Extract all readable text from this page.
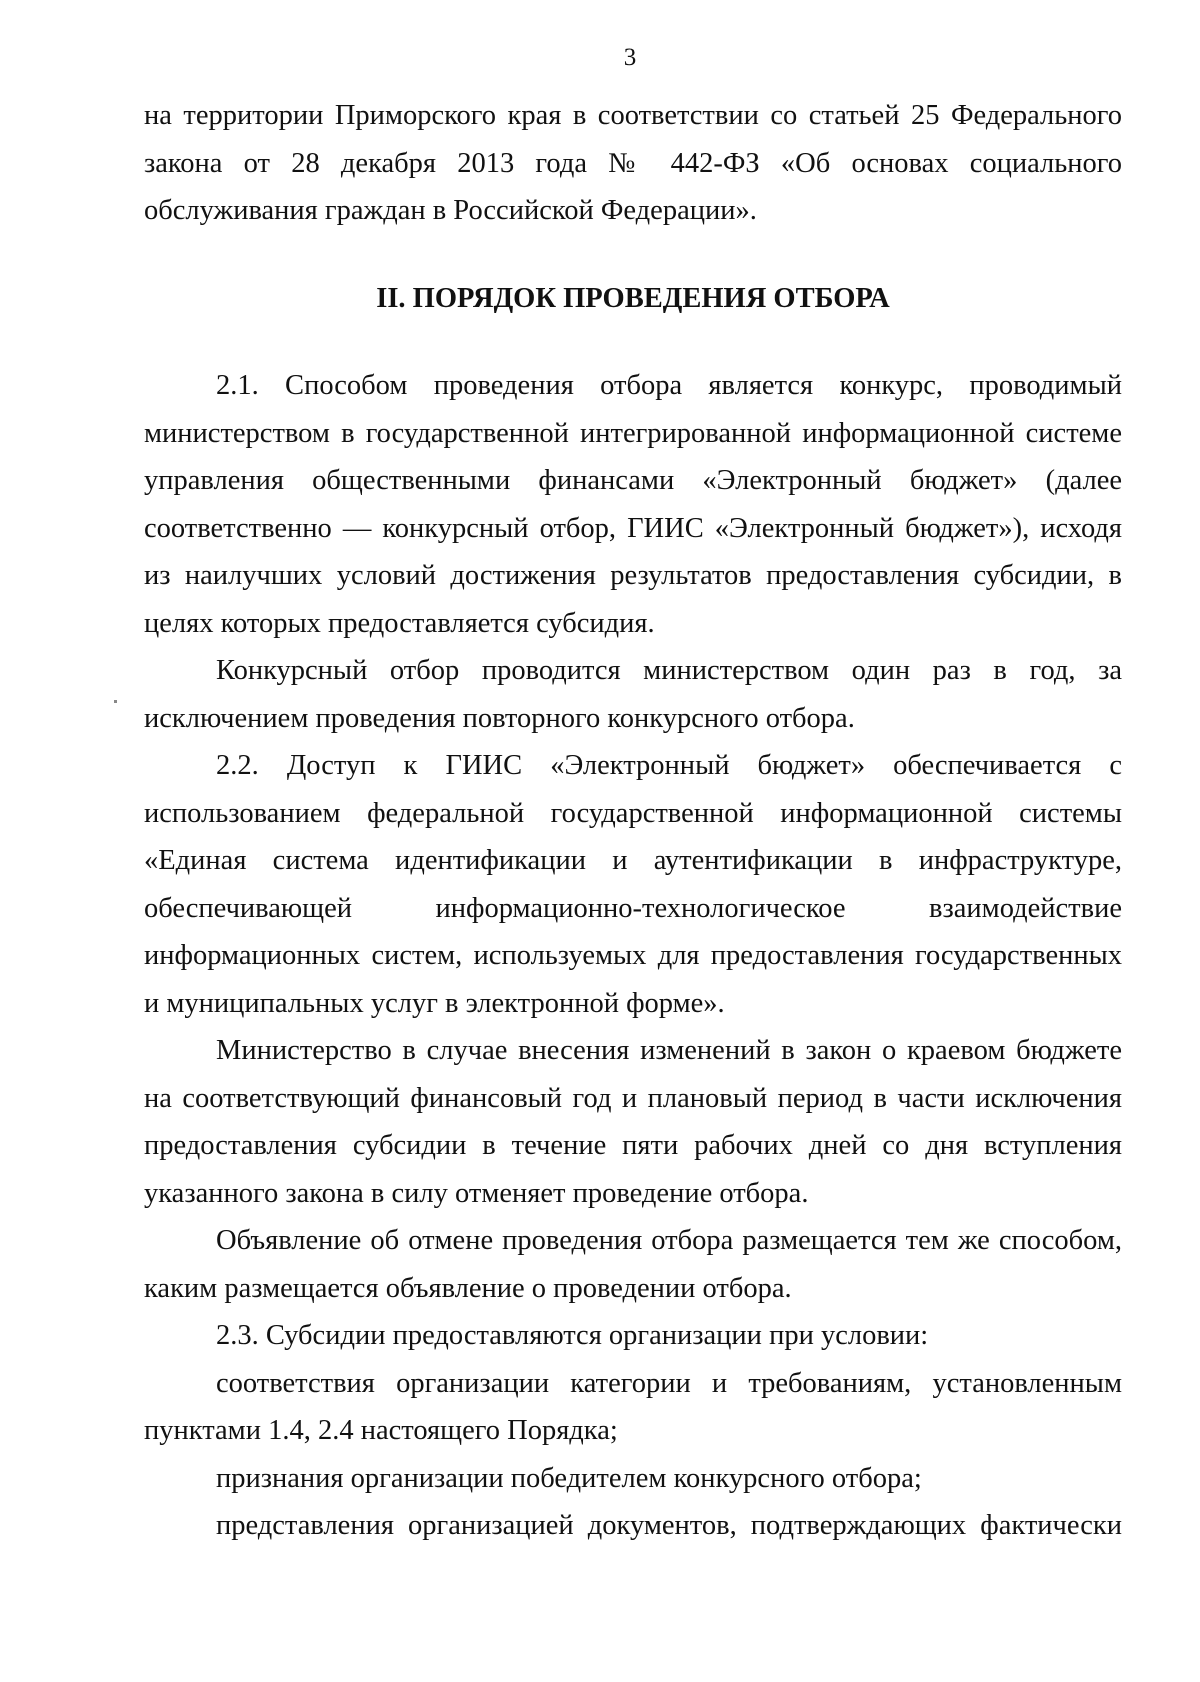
3

на территории Приморского края в соответствии со статьей 25 Федерального закона от 28 декабря 2013 года № 442-ФЗ «Об основах социального обслуживания граждан в Российской Федерации».

II. ПОРЯДОК ПРОВЕДЕНИЯ ОТБОРА

2.1. Способом проведения отбора является конкурс, проводимый министерством в государственной интегрированной информационной системе управления общественными финансами «Электронный бюджет» (далее соответственно — конкурсный отбор, ГИИС «Электронный бюджет»), исходя из наилучших условий достижения результатов предоставления субсидии, в целях которых предоставляется субсидия.

Конкурсный отбор проводится министерством один раз в год, за исключением проведения повторного конкурсного отбора.

2.2. Доступ к ГИИС «Электронный бюджет» обеспечивается с использованием федеральной государственной информационной системы «Единая система идентификации и аутентификации в инфраструктуре, обеспечивающей информационно-технологическое взаимодействие информационных систем, используемых для предоставления государственных и муниципальных услуг в электронной форме».

Министерство в случае внесения изменений в закон о краевом бюджете на соответствующий финансовый год и плановый период в части исключения предоставления субсидии в течение пяти рабочих дней со дня вступления указанного закона в силу отменяет проведение отбора.

Объявление об отмене проведения отбора размещается тем же способом, каким размещается объявление о проведении отбора.

2.3. Субсидии предоставляются организации при условии:

соответствия организации категории и требованиям, установленным пунктами 1.4, 2.4 настоящего Порядка;

признания организации победителем конкурсного отбора;

представления организацией документов, подтверждающих фактически
